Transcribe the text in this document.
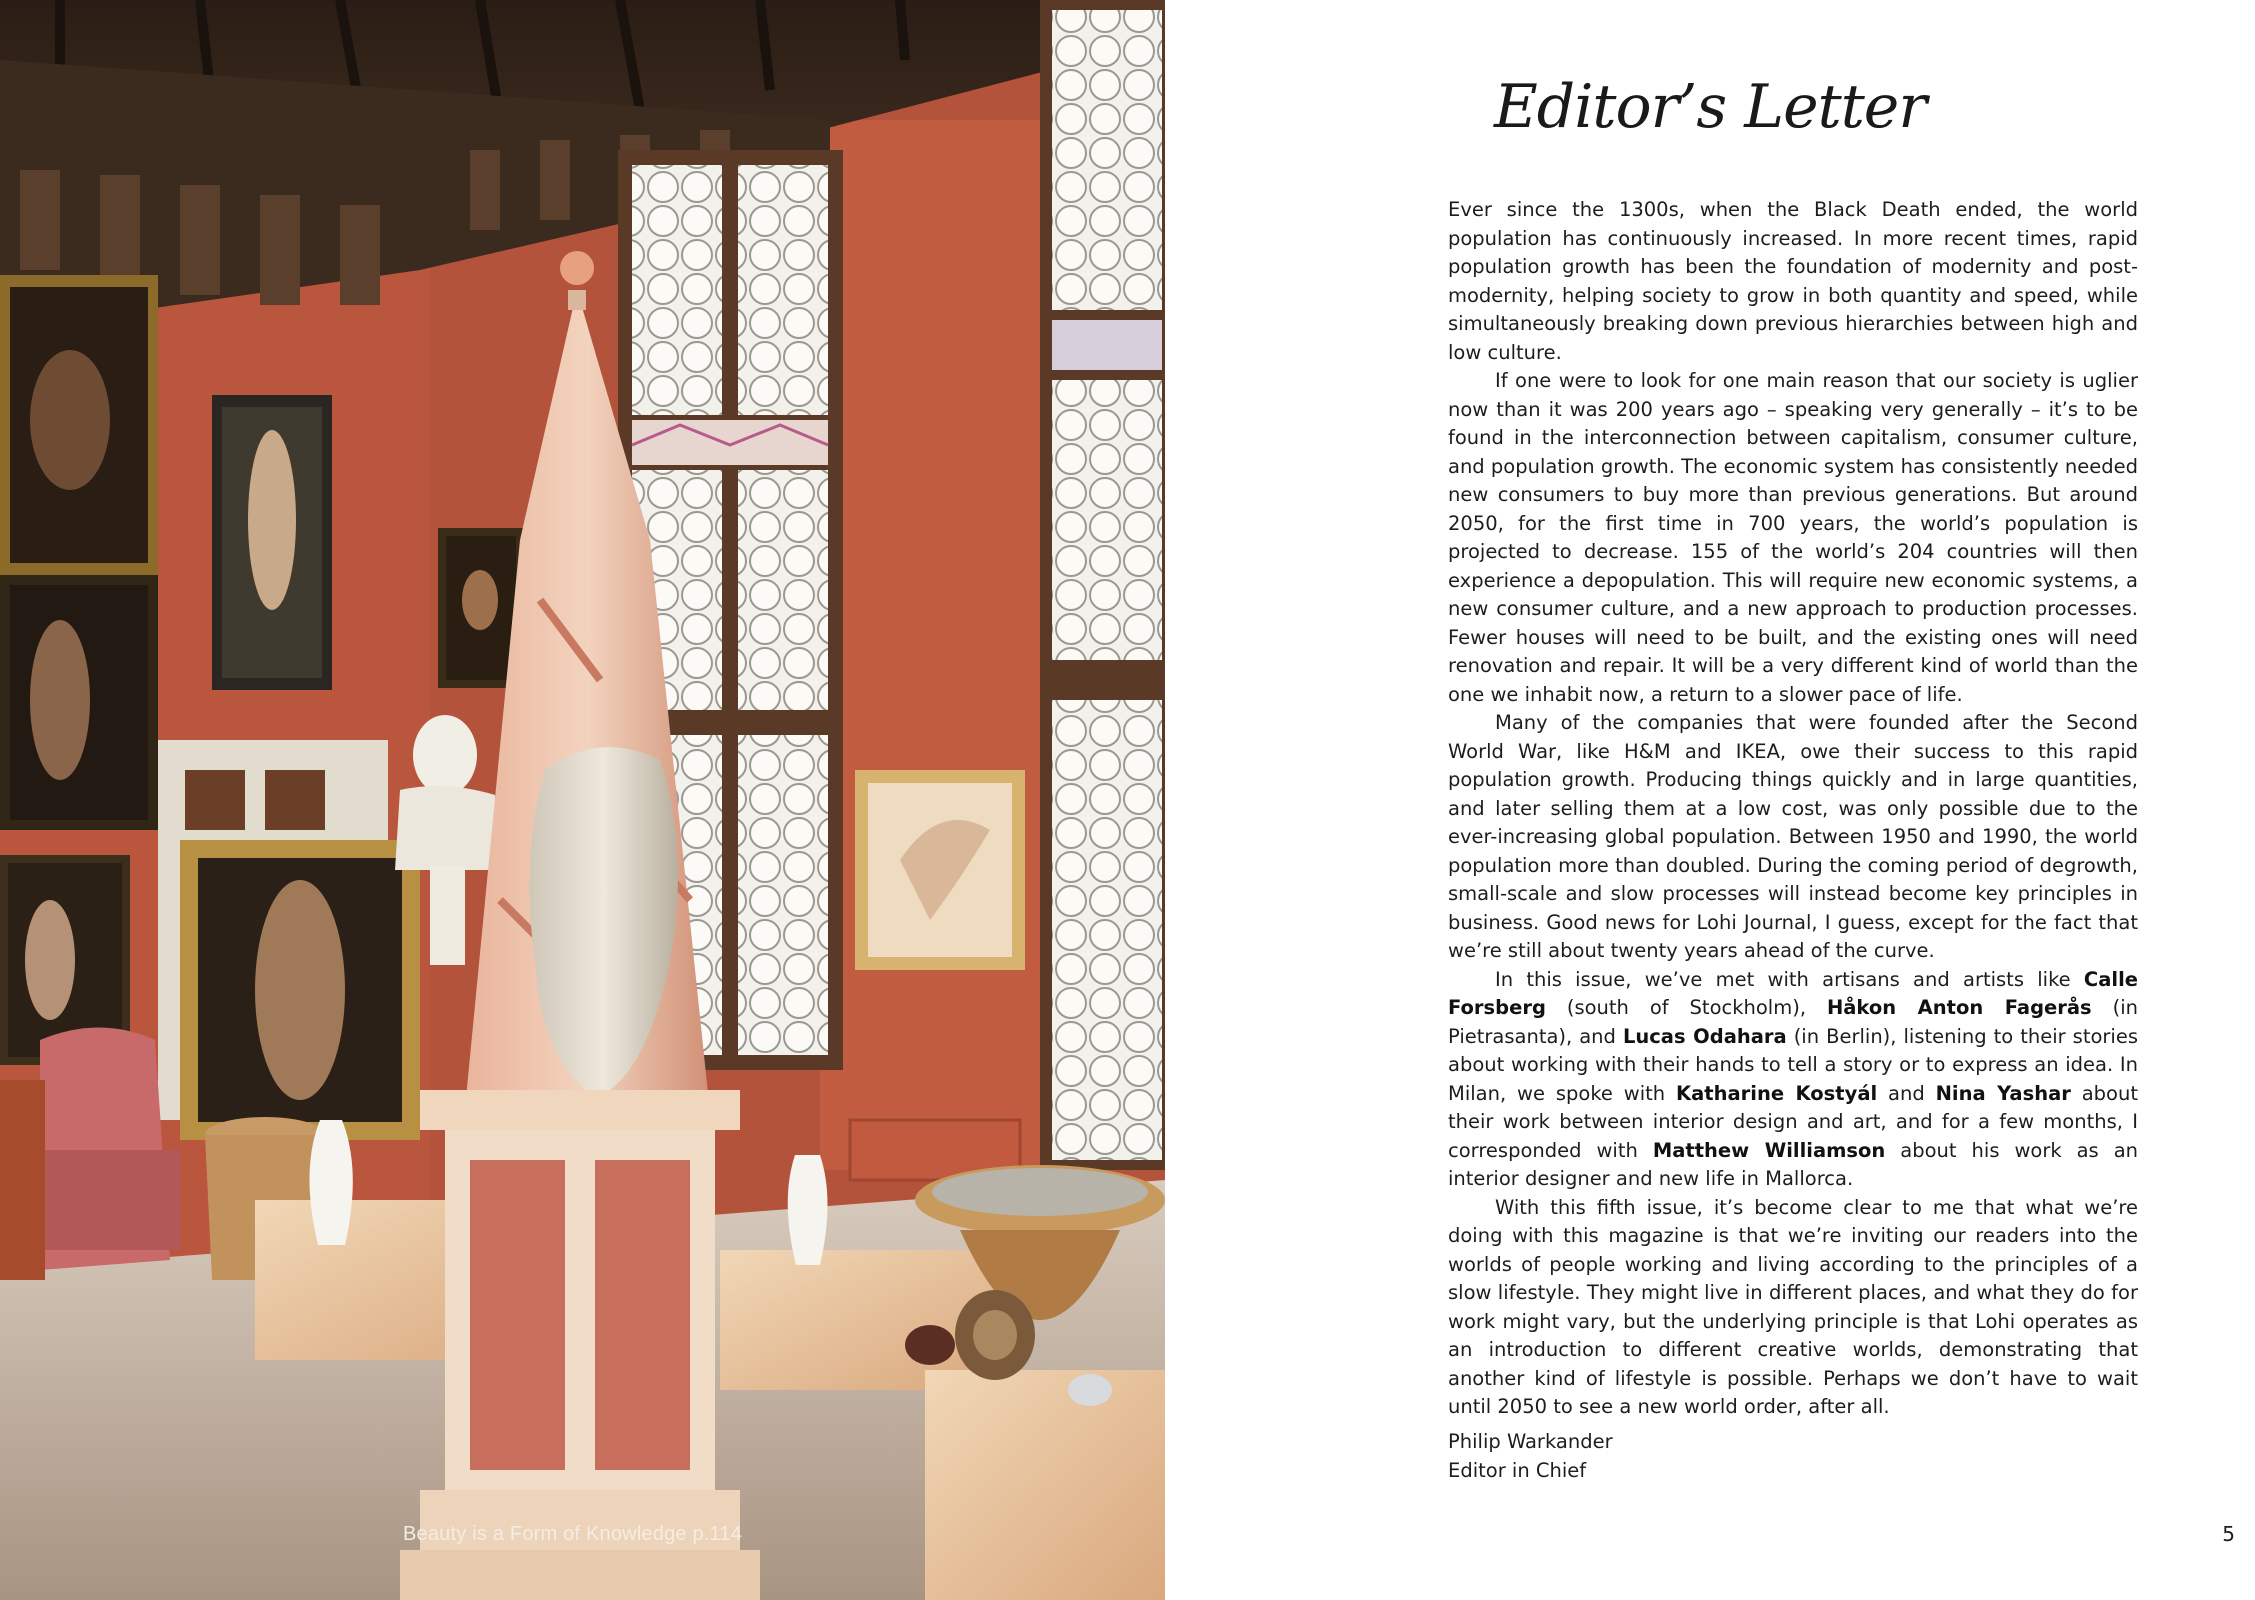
Beauty is a Form of Knowledge p.114
Editor’s Letter

Ever since the 1300s, when the Black Death ended, the world population has continuously increased. In more recent times, rapid population growth has been the foundation of modernity and post-modernity, helping society to grow in both quantity and speed, while simultaneously breaking down previous hierarchies between high and low culture.

If one were to look for one main reason that our society is uglier now than it was 200 years ago – speaking very generally – it’s to be found in the interconnection between capitalism, consumer culture, and population growth. The economic system has consistently needed new consumers to buy more than previous generations. But around 2050, for the first time in 700 years, the world’s population is projected to decrease. 155 of the world’s 204 countries will then experience a depopulation. This will require new economic systems, a new consumer culture, and a new approach to production processes. Fewer houses will need to be built, and the existing ones will need renovation and repair. It will be a very different kind of world than the one we inhabit now, a return to a slower pace of life.

Many of the companies that were founded after the Second World War, like H&M and IKEA, owe their success to this rapid population growth. Producing things quickly and in large quantities, and later selling them at a low cost, was only possible due to the ever-increasing global population. Between 1950 and 1990, the world population more than doubled. During the coming period of degrowth, small-scale and slow processes will instead become key principles in business. Good news for Lohi Journal, I guess, except for the fact that we’re still about twenty years ahead of the curve.

In this issue, we’ve met with artisans and artists like Calle Forsberg (south of Stockholm), Håkon Anton Fagerås (in Pietrasanta), and Lucas Odahara (in Berlin), listening to their stories about working with their hands to tell a story or to express an idea. In Milan, we spoke with Katharine Kostyál and Nina Yashar about their work between interior design and art, and for a few months, I corresponded with Matthew Williamson about his work as an interior designer and new life in Mallorca.

With this fifth issue, it’s become clear to me that what we’re doing with this magazine is that we’re inviting our readers into the worlds of people working and living according to the principles of a slow lifestyle. They might live in different places, and what they do for work might vary, but the underlying principle is that Lohi operates as an introduction to different creative worlds, demonstrating that another kind of lifestyle is possible. Perhaps we don’t have to wait until 2050 to see a new world order, after all.

Philip Warkander
Editor in Chief
5
